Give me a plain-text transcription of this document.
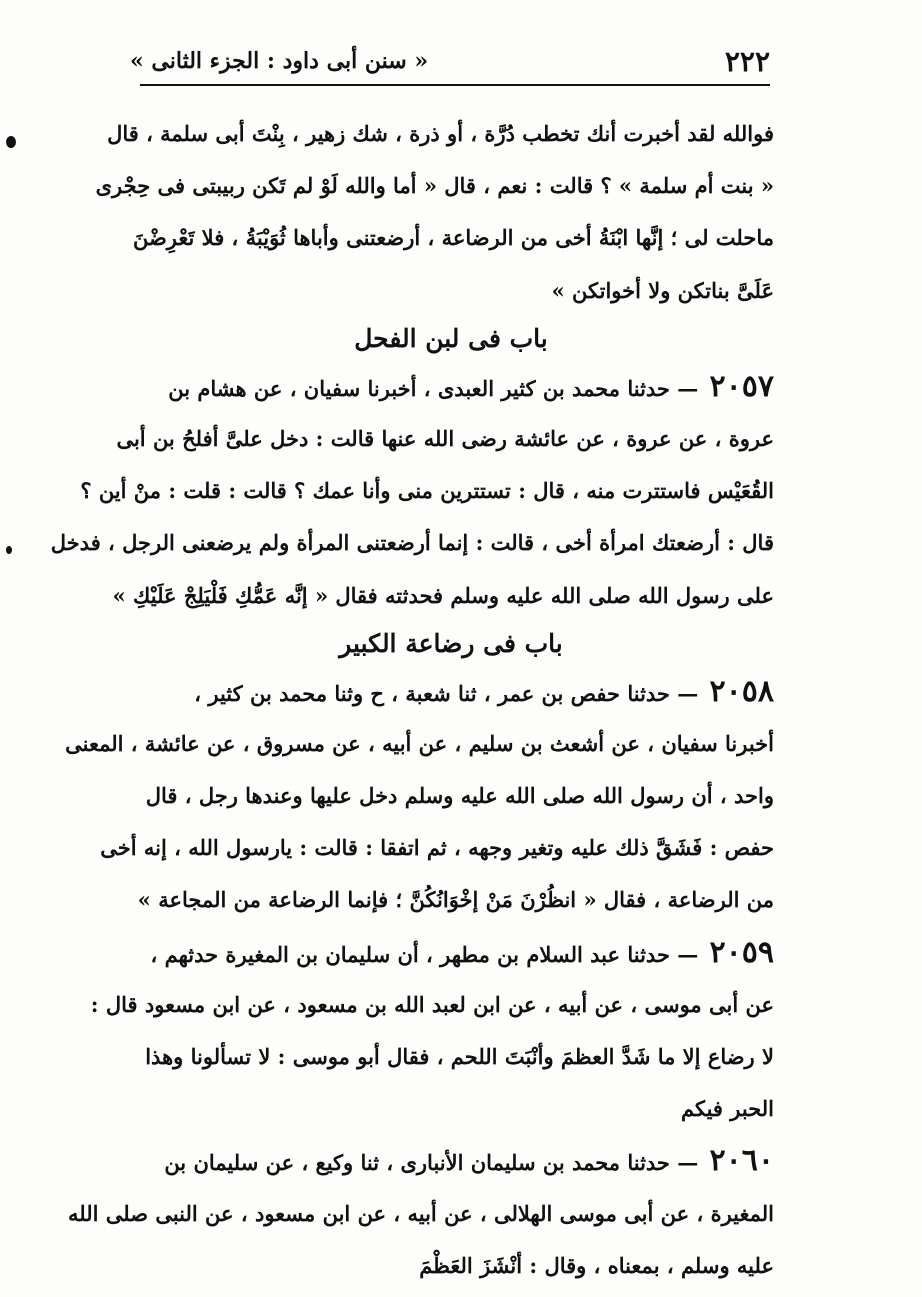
٢٢٢
« سنن أبى داود : الجزء الثانى »
فوالله لقد أخبرت أنك تخطب دُرَّة ، أو ذرة ، شك زهير ، بِنْتَ أبى سلمة ، قال
« بنت أم سلمة » ؟ قالت : نعم ، قال « أما والله لَوْ لم تَكن ربيبتى فى حِجْرى
ماحلت لى ؛ إنَّها ابْنَةُ أخى من الرضاعة ، أرضعتنى وأباها ثُوَيْبَةُ ، فلا تَعْرِضْنَ
عَلَىَّ بناتكن ولا أخواتكن »
باب فى لبن الفحل
٢٠٥٧ — حدثنا محمد بن كثير العبدى ، أخبرنا سفيان ، عن هشام بن
عروة ، عن عروة ، عن عائشة رضى الله عنها قالت : دخل علىَّ أفلحُ بن أبى
القُعَيْس فاستترت منه ، قال : تستترين منى وأنا عمك ؟ قالت : قلت : منْ أين ؟
قال : أرضعتك امرأة أخى ، قالت : إنما أرضعتنى المرأة ولم يرضعنى الرجل ، فدخل
على رسول الله صلى الله عليه وسلم فحدثته فقال « إنَّه عَمُّكِ فَلْيَلِجْ عَلَيْكِ »
باب فى رضاعة الكبير
٢٠٥٨ — حدثنا حفص بن عمر ، ثنا شعبة ، ح وثنا محمد بن كثير ،
أخبرنا سفيان ، عن أشعث بن سليم ، عن أبيه ، عن مسروق ، عن عائشة ، المعنى
واحد ، أن رسول الله صلى الله عليه وسلم دخل عليها وعندها رجل ، قال
حفص : فَشَقَّ ذلك عليه وتغير وجهه ، ثم اتفقا : قالت : يارسول الله ، إنه أخى
من الرضاعة ، فقال « انظُرْنَ مَنْ إخْوَانُكُنَّ ؛ فإنما الرضاعة من المجاعة »
٢٠٥٩ — حدثنا عبد السلام بن مطهر ، أن سليمان بن المغيرة حدثهم ،
عن أبى موسى ، عن أبيه ، عن ابن لعبد الله بن مسعود ، عن ابن مسعود قال :
لا رضاع إلا ما شَدَّ العظمَ وأنْبَتَ اللحم ، فقال أبو موسى : لا تسألونا وهذا
الحبر فيكم
٢٠٦٠ — حدثنا محمد بن سليمان الأنبارى ، ثنا وكيع ، عن سليمان بن
المغيرة ، عن أبى موسى الهلالى ، عن أبيه ، عن ابن مسعود ، عن النبى صلى الله
عليه وسلم ، بمعناه ، وقال : أنْشَزَ العَظْمَ
